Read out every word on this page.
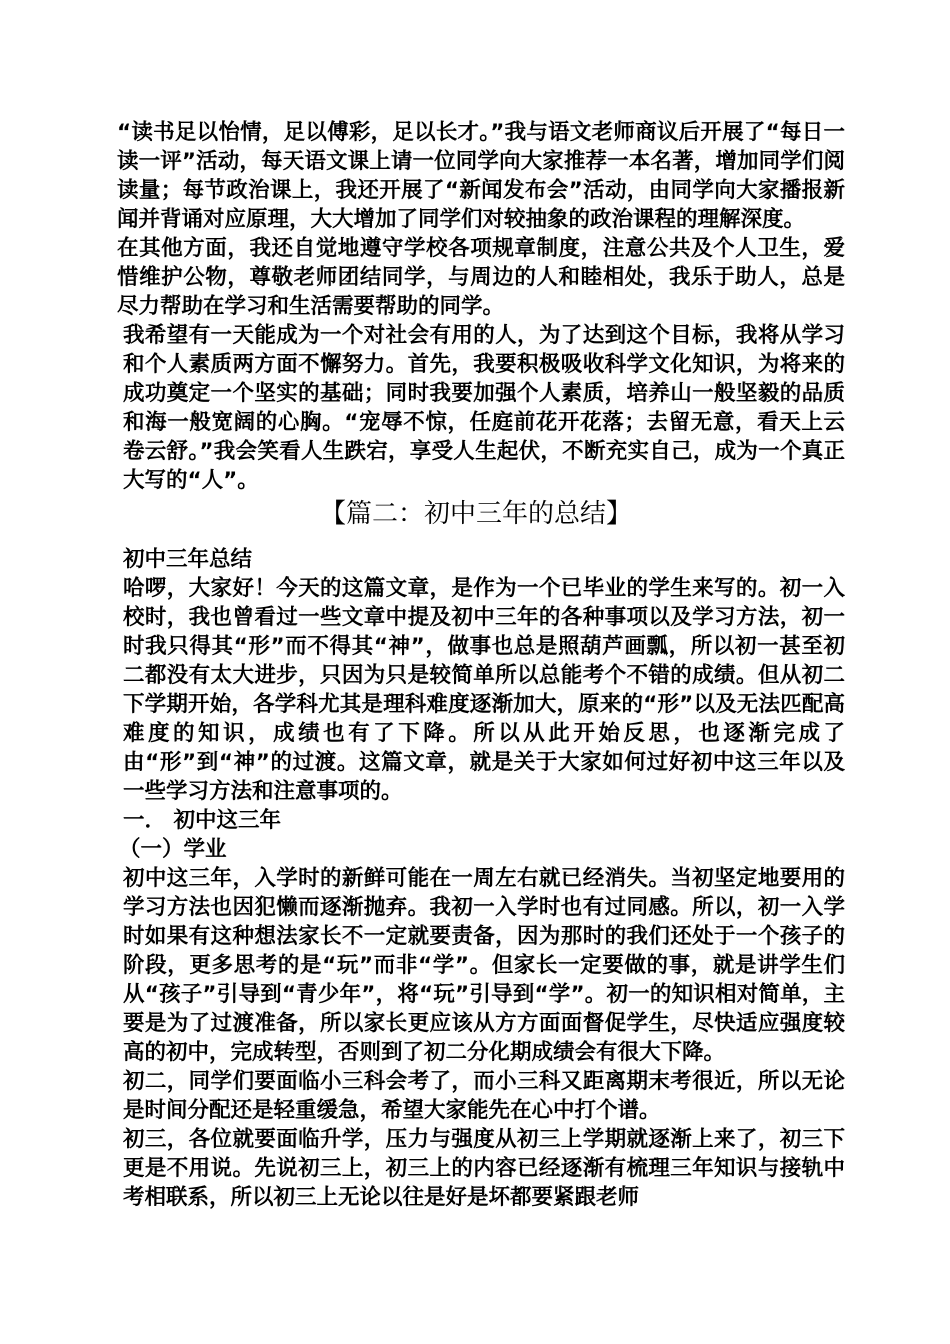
“读书足以怡情，足以傅彩，足以长才。”我与语文老师商议后开展了“每日一读一评”活动，每天语文课上请一位同学向大家推荐一本名著，增加同学们阅读量；每节政治课上，我还开展了“新闻发布会”活动，由同学向大家播报新闻并背诵对应原理，大大增加了同学们对较抽象的政治课程的理解深度。

在其他方面，我还自觉地遵守学校各项规章制度，注意公共及个人卫生，爱惜维护公物，尊敬老师团结同学，与周边的人和睦相处，我乐于助人，总是尽力帮助在学习和生活需要帮助的同学。

我希望有一天能成为一个对社会有用的人，为了达到这个目标，我将从学习和个人素质两方面不懈努力。首先，我要积极吸收科学文化知识，为将来的成功奠定一个坚实的基础；同时我要加强个人素质，培养山一般坚毅的品质和海一般宽阔的心胸。“宠辱不惊，任庭前花开花落；去留无意，看天上云卷云舒。”我会笑看人生跌宕，享受人生起伏，不断充实自己，成为一个真正大写的“人”。

【篇二：初中三年的总结】
初中三年总结

哈啰，大家好！今天的这篇文章，是作为一个已毕业的学生来写的。初一入校时，我也曾看过一些文章中提及初中三年的各种事项以及学习方法，初一时我只得其“形”而不得其“神”，做事也总是照葫芦画瓢，所以初一甚至初二都没有太大进步，只因为只是较简单所以总能考个不错的成绩。但从初二下学期开始，各学科尤其是理科难度逐渐加大，原来的“形”以及无法匹配高难度的知识，成绩也有了下降。所以从此开始反思，也逐渐完成了由“形”到“神”的过渡。这篇文章，就是关于大家如何过好初中这三年以及一些学习方法和注意事项的。

一． 初中这三年
（一）学业

初中这三年，入学时的新鲜可能在一周左右就已经消失。当初坚定地要用的学习方法也因犯懒而逐渐抛弃。我初一入学时也有过同感。所以，初一入学时如果有这种想法家长不一定就要责备，因为那时的我们还处于一个孩子的阶段，更多思考的是“玩”而非“学”。但家长一定要做的事，就是讲学生们从“孩子”引导到“青少年”，将“玩”引导到“学”。初一的知识相对简单，主要是为了过渡准备，所以家长更应该从方方面面督促学生，尽快适应强度较高的初中，完成转型，否则到了初二分化期成绩会有很大下降。

初二，同学们要面临小三科会考了，而小三科又距离期末考很近，所以无论是时间分配还是轻重缓急，希望大家能先在心中打个谱。

初三，各位就要面临升学，压力与强度从初三上学期就逐渐上来了，初三下更是不用说。先说初三上，初三上的内容已经逐渐有梳理三年知识与接轨中考相联系，所以初三上无论以往是好是坏都要紧跟老师
